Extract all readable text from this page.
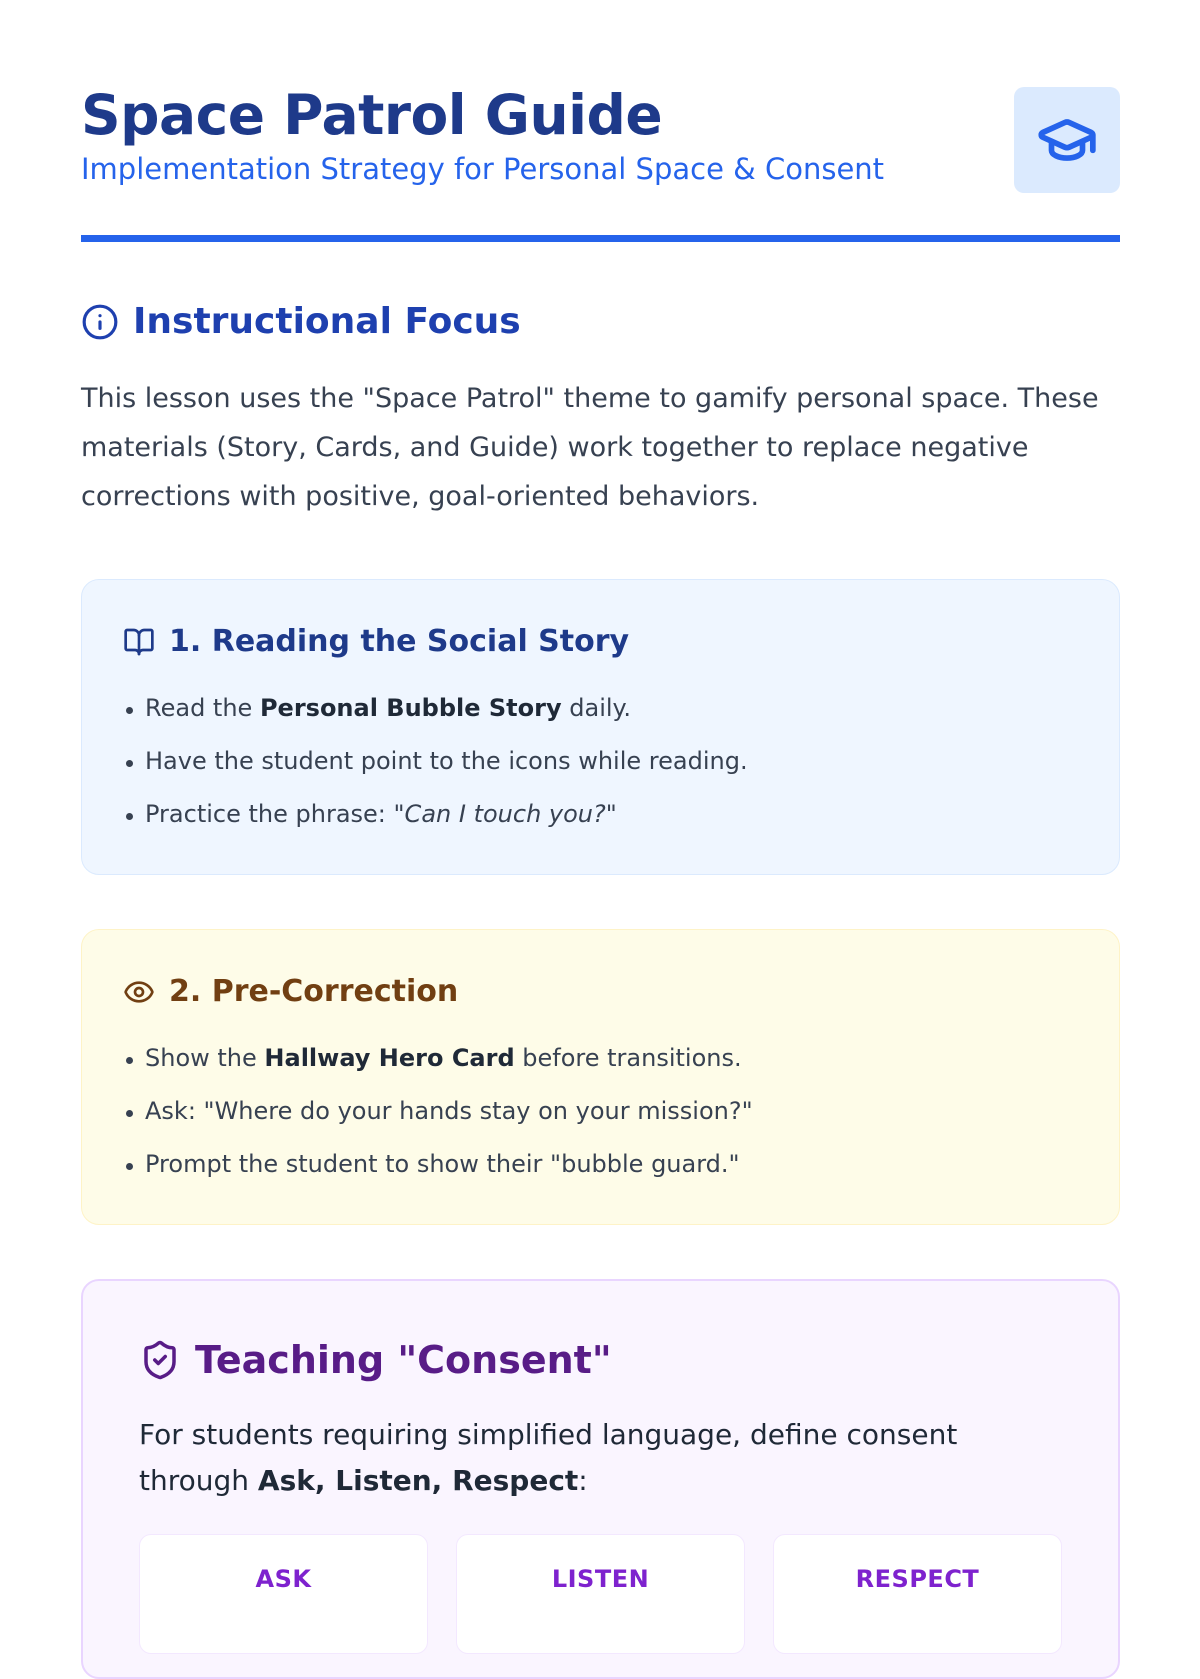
Space Patrol Guide

Implementation Strategy for Personal Space & Consent

Instructional Focus

This lesson uses the "Space Patrol" theme to gamify personal space. These materials (Story, Cards, and Guide) work together to replace negative corrections with positive, goal-oriented behaviors.

1. Reading the Social Story
Read the Personal Bubble Story daily.
Have the student point to the icons while reading.
Practice the phrase: "Can I touch you?"
2. Pre-Correction
Show the Hallway Hero Card before transitions.
Ask: "Where do your hands stay on your mission?"
Prompt the student to show their "bubble guard."
Teaching "Consent"

For students requiring simplified language, define consent through Ask, Listen, Respect:

ASK	LISTEN	RESPECT
